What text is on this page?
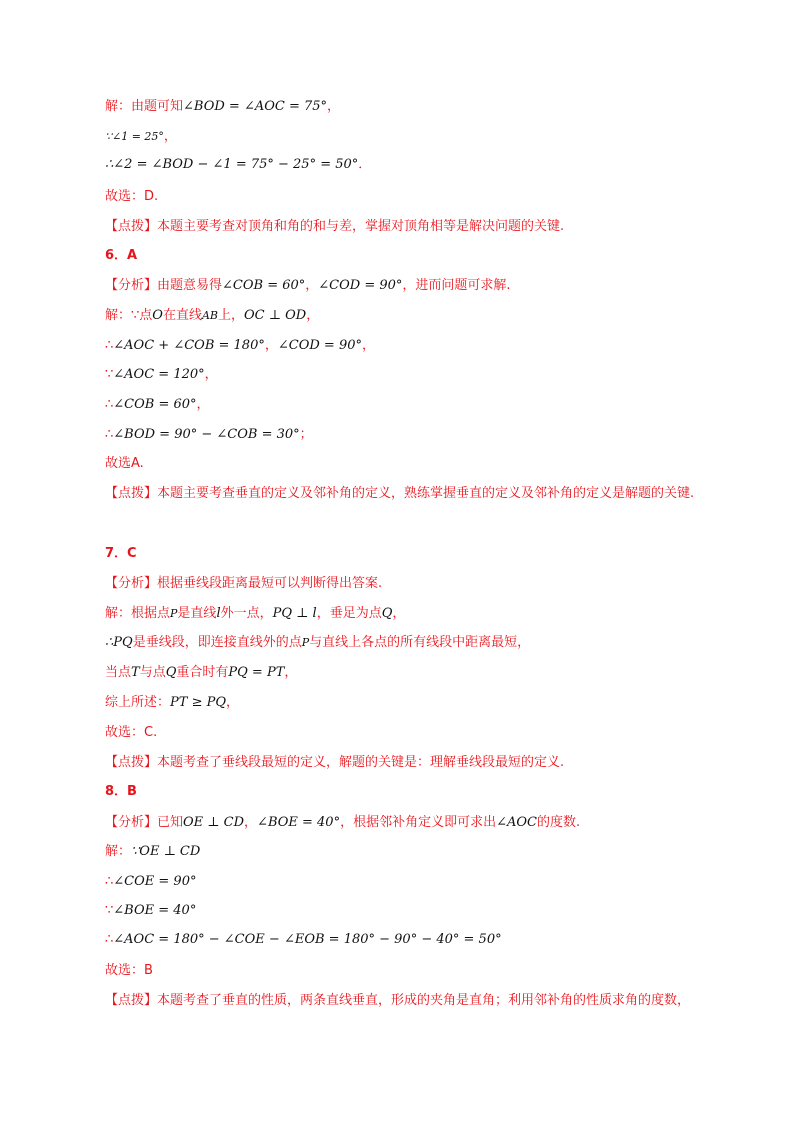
解：由题可知∠BOD = ∠AOC = 75°，
∵∠1 = 25°，
∴∠2 = ∠BOD − ∠1 = 75° − 25° = 50°．
故选：D.
【点拨】本题主要考查对顶角和角的和与差，掌握对顶角相等是解决问题的关键.
6．A
【分析】由题意易得∠COB = 60°，∠COD = 90°，进而问题可求解.
解：∵点O在直线AB上，OC ⊥ OD，
∴∠AOC + ∠COB = 180°，∠COD = 90°，
∵∠AOC = 120°，
∴∠COB = 60°，
∴∠BOD = 90° − ∠COB = 30°；
故选A.
【点拨】本题主要考查垂直的定义及邻补角的定义，熟练掌握垂直的定义及邻补角的定义是解题的关键.
7．C
【分析】根据垂线段距离最短可以判断得出答案.
解：根据点P是直线l外一点，PQ ⊥ l，垂足为点Q，
∴PQ是垂线段，即连接直线外的点P与直线上各点的所有线段中距离最短，
当点T与点Q重合时有PQ = PT，
综上所述：PT ≥ PQ，
故选：C.
【点拨】本题考查了垂线段最短的定义，解题的关键是：理解垂线段最短的定义.
8．B
【分析】已知OE ⊥ CD，∠BOE = 40°，根据邻补角定义即可求出∠AOC的度数.
解：∵OE ⊥ CD
∴∠COE = 90°
∵∠BOE = 40°
∴∠AOC = 180° − ∠COE − ∠EOB = 180° − 90° − 40° = 50°
故选：B
【点拨】本题考查了垂直的性质，两条直线垂直，形成的夹角是直角；利用邻补角的性质求角的度数，
